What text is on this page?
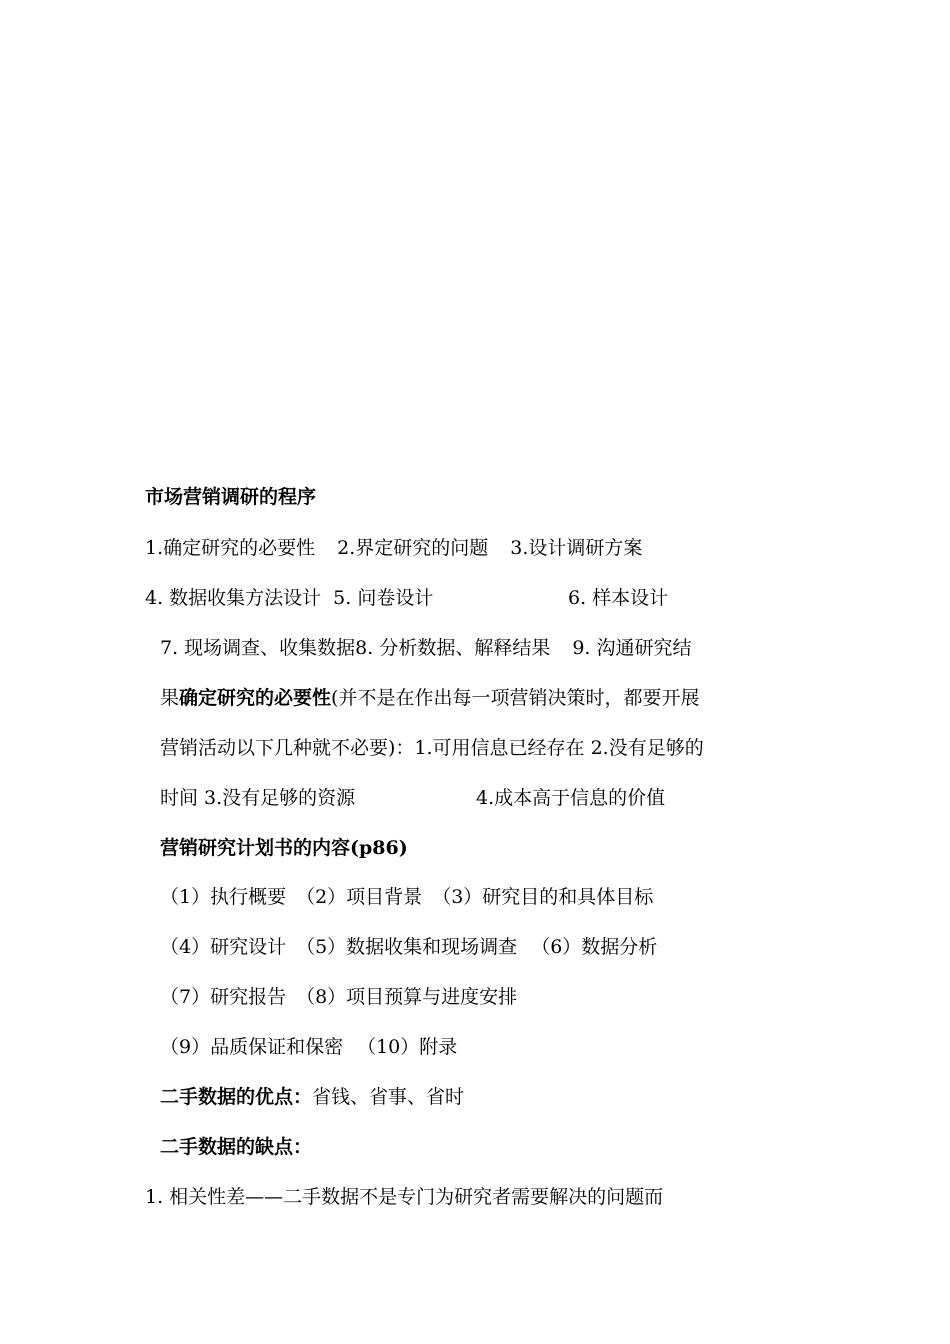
市场营销调研的程序
1.确定研究的必要性 2.界定研究的问题 3.设计调研方案
4. 数据收集方法设计 5. 问卷设计	6. 样本设计
7. 现场调查、收集数据8. 分析数据、解释结果 9. 沟通研究结
果确定研究的必要性(并不是在作出每一项营销决策时，都要开展
营销活动以下几种就不必要)：1.可用信息已经存在 2.没有足够的
时间 3.没有足够的资源	4.成本高于信息的价值
营销研究计划书的内容(p86)
（1）执行概要 （2）项目背景 （3）研究目的和具体目标
（4）研究设计 （5）数据收集和现场调查 （6）数据分析
（7）研究报告 （8）项目预算与进度安排
（9）品质保证和保密 （10）附录
二手数据的优点：省钱、省事、省时
二手数据的缺点：
1. 相关性差——二手数据不是专门为研究者需要解决的问题而
